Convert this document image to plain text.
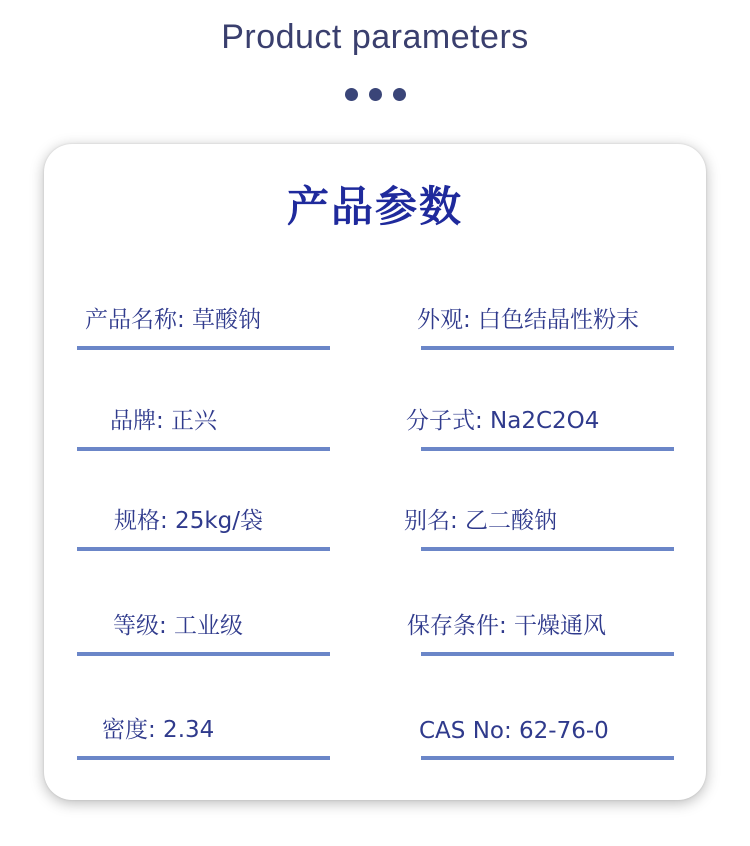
Product parameters
产品参数
产品名称: 草酸钠	外观: 白色结晶性粉末
品牌: 正兴	分子式: Na2C2O4
规格: 25kg/袋	别名: 乙二酸钠
等级: 工业级	保存条件: 干燥通风
密度: 2.34	CAS No: 62-76-0
